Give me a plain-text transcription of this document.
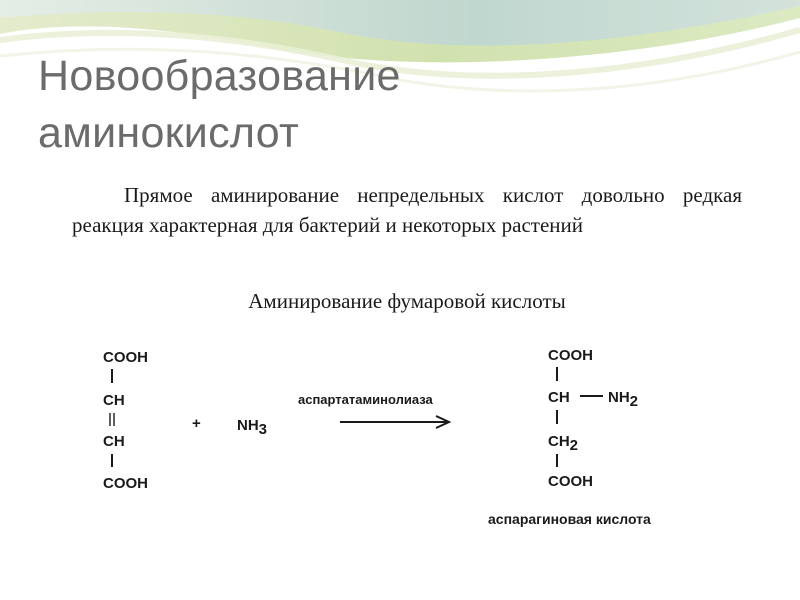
Новообразование
аминокислот
Прямое аминирование непредельных кислот довольно редкая реакция характерная для бактерий и некоторых растений
Аминирование фумаровой кислоты
COOH
CH
CH
COOH
+ NH3
аспартатаминолиаза
COOH
CH	NH2
CH2
COOH
аспарагиновая кислота
